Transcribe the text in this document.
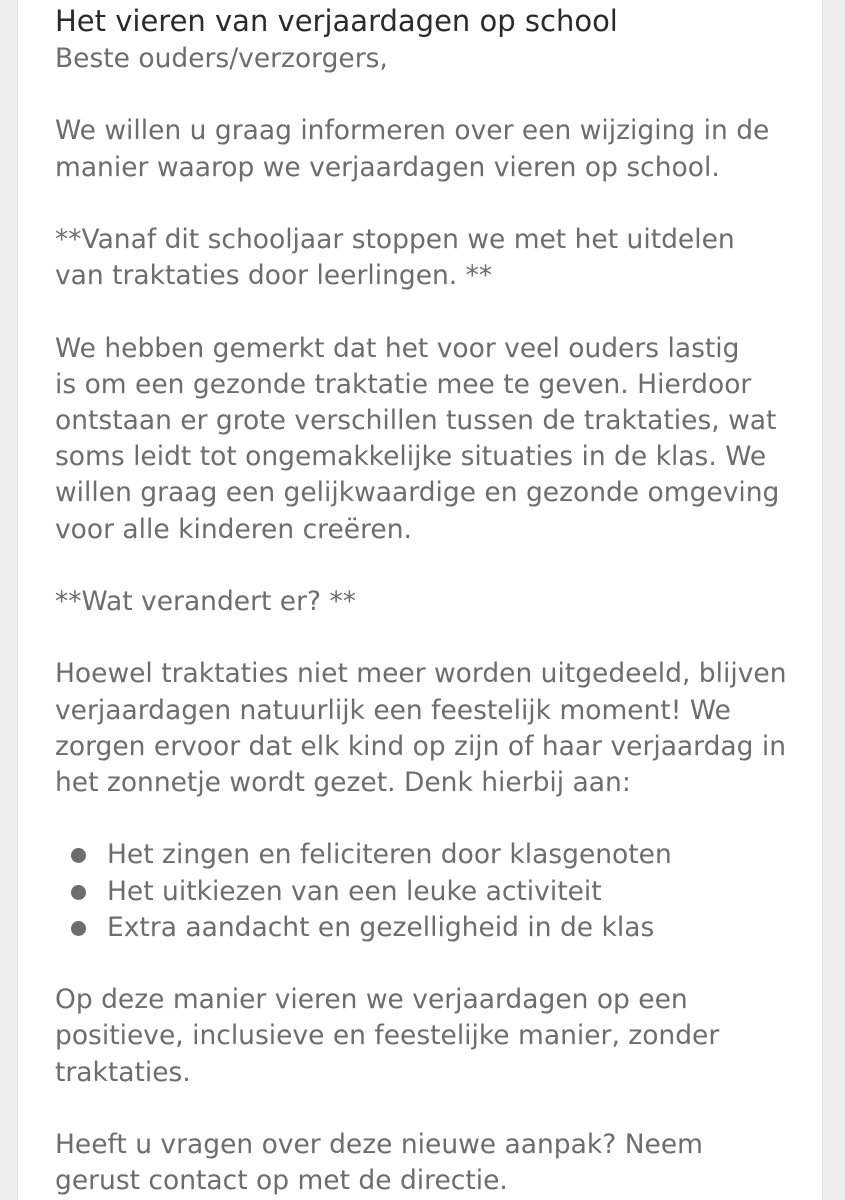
Het vieren van verjaardagen op school

Beste ouders/verzorgers,

We willen u graag informeren over een wijziging in de
manier waarop we verjaardagen vieren op school.

**Vanaf dit schooljaar stoppen we met het uitdelen
van traktaties door leerlingen. **

We hebben gemerkt dat het voor veel ouders lastig
is om een gezonde traktatie mee te geven. Hierdoor
ontstaan er grote verschillen tussen de traktaties, wat
soms leidt tot ongemakkelijke situaties in de klas. We
willen graag een gelijkwaardige en gezonde omgeving
voor alle kinderen creëren.

**Wat verandert er? **

Hoewel traktaties niet meer worden uitgedeeld, blijven
verjaardagen natuurlijk een feestelijk moment! We
zorgen ervoor dat elk kind op zijn of haar verjaardag in
het zonnetje wordt gezet. Denk hierbij aan:

Het zingen en feliciteren door klasgenoten
Het uitkiezen van een leuke activiteit
Extra aandacht en gezelligheid in de klas

Op deze manier vieren we verjaardagen op een
positieve, inclusieve en feestelijke manier, zonder
traktaties.

Heeft u vragen over deze nieuwe aanpak? Neem
gerust contact op met de directie.
